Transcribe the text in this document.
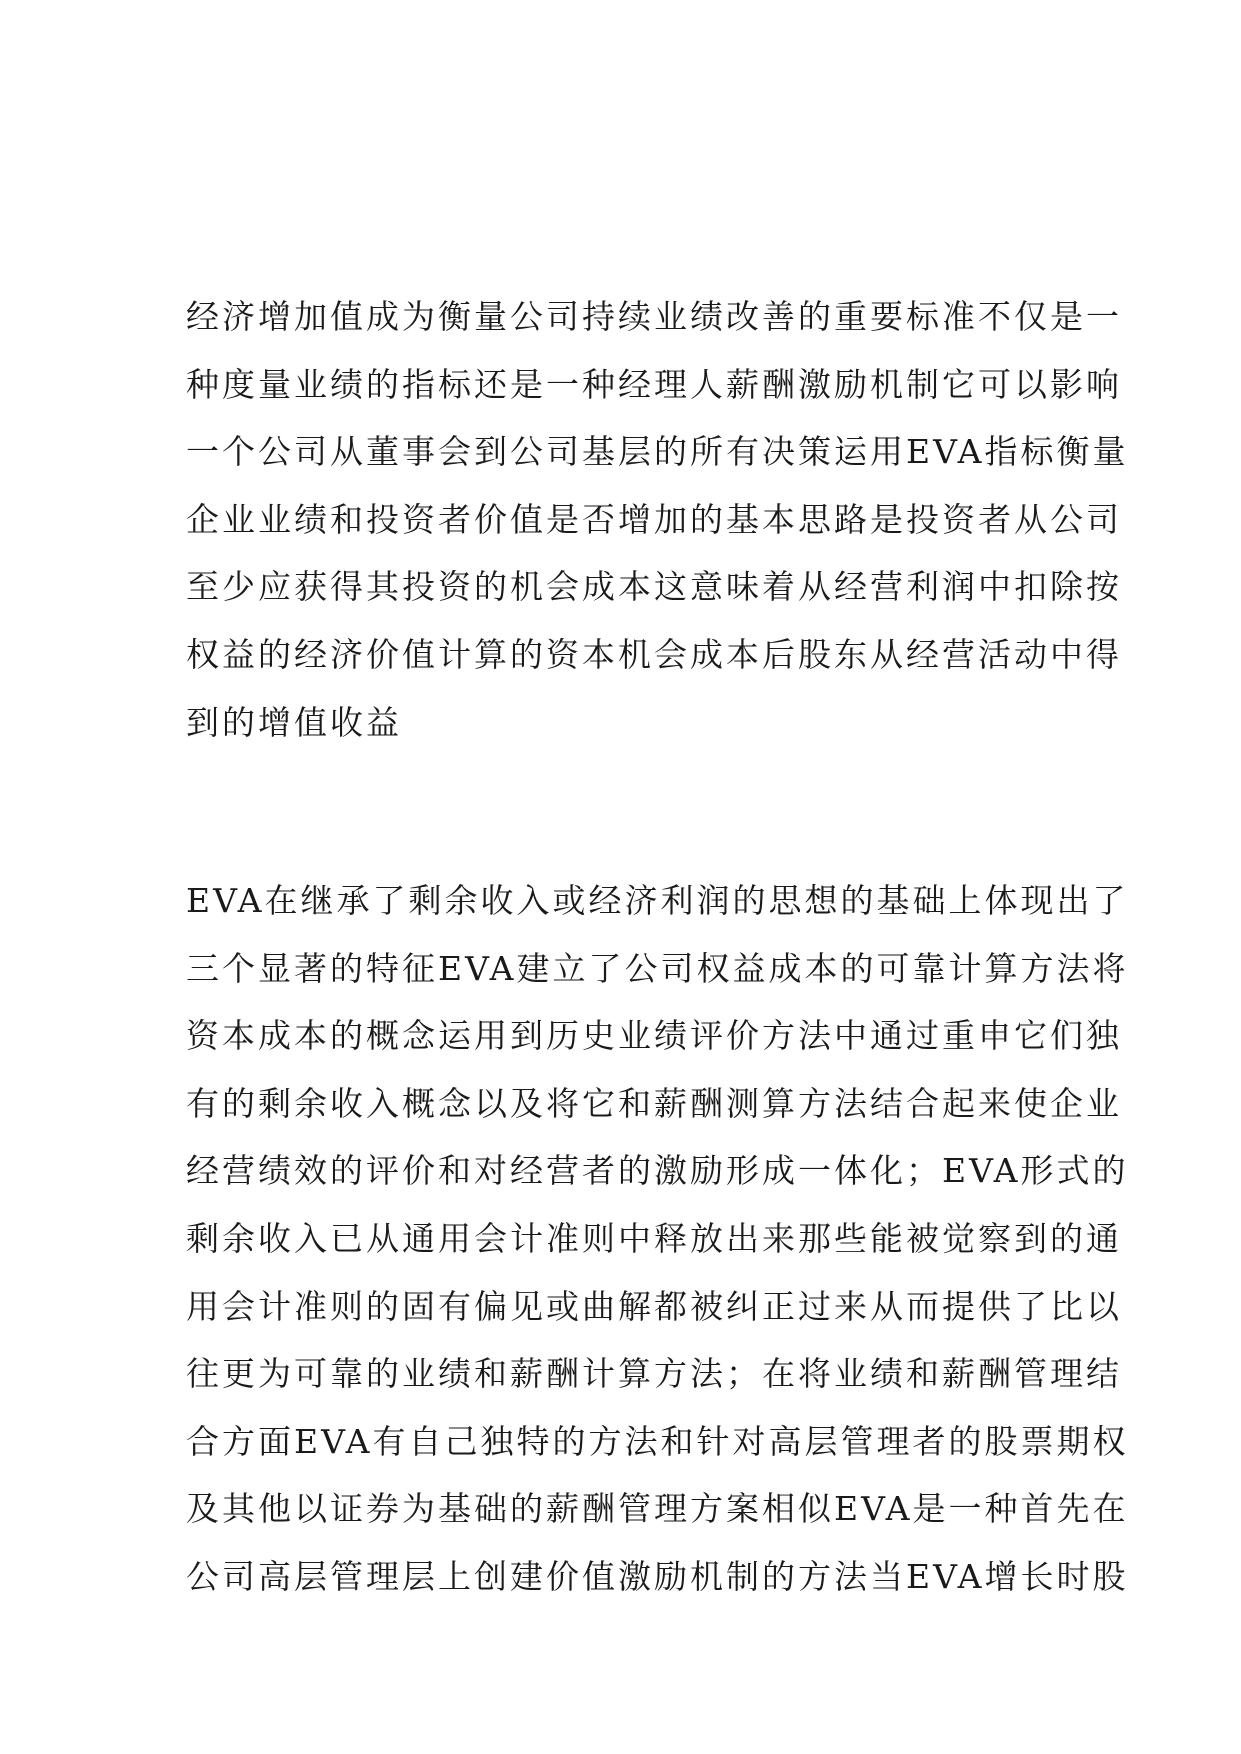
经济增加值成为衡量公司持续业绩改善的重要标准不仅是一
种度量业绩的指标还是一种经理人薪酬激励机制它可以影响
一个公司从董事会到公司基层的所有决策运用EVA指标衡量
企业业绩和投资者价值是否增加的基本思路是投资者从公司
至少应获得其投资的机会成本这意味着从经营利润中扣除按
权益的经济价值计算的资本机会成本后股东从经营活动中得
到的增值收益
EVA在继承了剩余收入或经济利润的思想的基础上体现出了
三个显著的特征EVA建立了公司权益成本的可靠计算方法将
资本成本的概念运用到历史业绩评价方法中通过重申它们独
有的剩余收入概念以及将它和薪酬测算方法结合起来使企业
经营绩效的评价和对经营者的激励形成一体化；EVA形式的
剩余收入已从通用会计准则中释放出来那些能被觉察到的通
用会计准则的固有偏见或曲解都被纠正过来从而提供了比以
往更为可靠的业绩和薪酬计算方法；在将业绩和薪酬管理结
合方面EVA有自己独特的方法和针对高层管理者的股票期权
及其他以证券为基础的薪酬管理方案相似EVA是一种首先在
公司高层管理层上创建价值激励机制的方法当EVA增长时股
